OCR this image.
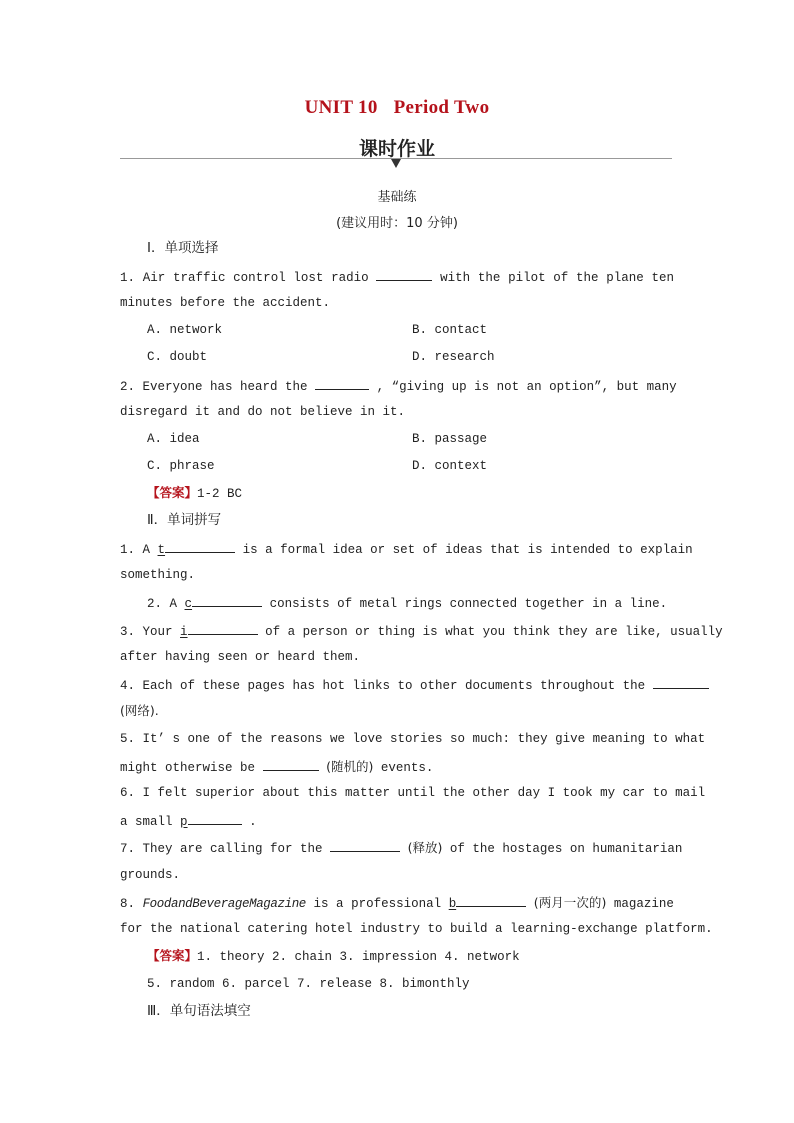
UNIT 10 Period Two
课时作业
基础练
(建议用时：10 分钟)
Ⅰ．单项选择
1. Air traffic control lost radio	with the pilot of the plane ten
minutes before the accident.
A. network	B. contact
C. doubt	D. research
2. Everyone has heard the	, “giving up is not an option”, but many
disregard it and do not believe in it.
A. idea	B. passage
C. phrase	D. context
【答案】1-2 BC
Ⅱ．单词拼写
1. A t	is a formal idea or set of ideas that is intended to explain
something.
2. A c	consists of metal rings connected together in a line.
3. Your i	of a person or thing is what you think they are like, usually
after having seen or heard them.
4. Each of these pages has hot links to other documents throughout the
(网络).
5. It’ s one of the reasons we love stories so much: they give meaning to what
might otherwise be	(随机的) events.
6. I felt superior about this matter until the other day I took my car to mail
a small p	.
7. They are calling for the	(释放) of the hostages on humanitarian
grounds.
8. FoodandBeverageMagazine is a professional b	(两月一次的) magazine
for the national catering hotel industry to build a learning-exchange platform.
【答案】1. theory 2. chain 3. impression 4. network
5. random 6. parcel 7. release 8. bimonthly
Ⅲ．单句语法填空
